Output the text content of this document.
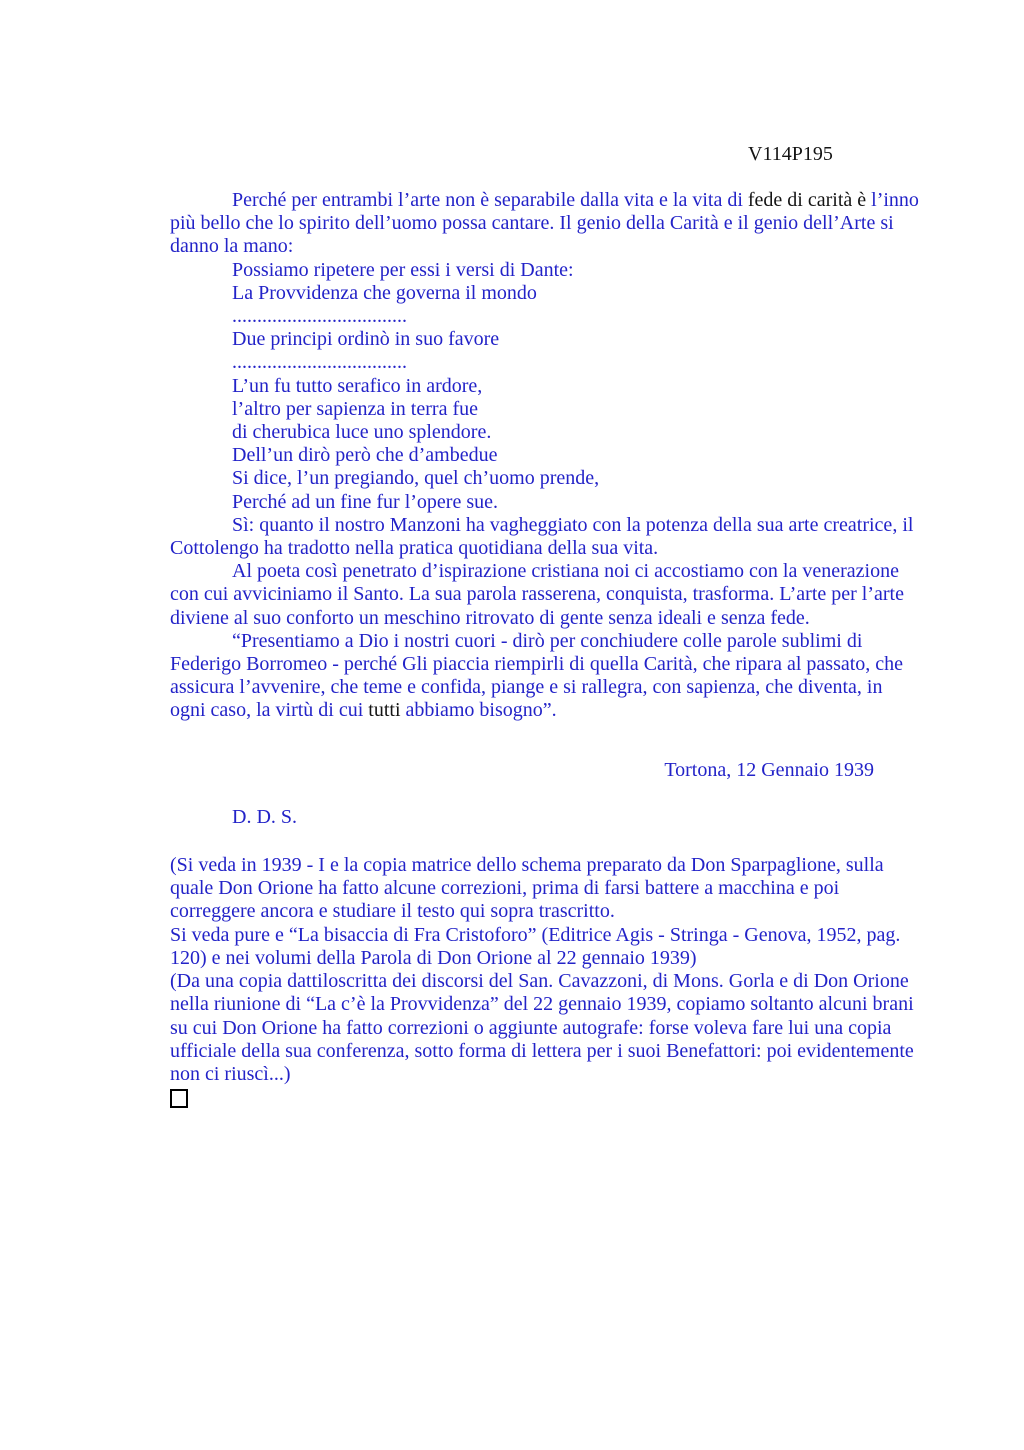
V114P195

Perché per entrambi l’arte non è separabile dalla vita e la vita di fede di carità è l’inno più bello che lo spirito dell’uomo possa cantare. Il genio della Carità e il genio dell’Arte si danno la mano:

Possiamo ripetere per essi i versi di Dante:

La Provvidenza che governa il mondo
...................................
Due principi ordinò in suo favore
...................................
L’un fu tutto serafico in ardore,
l’altro per sapienza in terra fue
di cherubica luce uno splendore.
Dell’un dirò però che d’ambedue
Si dice, l’un pregiando, quel ch’uomo prende,
Perché ad un fine fur l’opere sue.

Sì: quanto il nostro Manzoni ha vagheggiato con la potenza della sua arte creatrice, il Cottolengo ha tradotto nella pratica quotidiana della sua vita.

Al poeta così penetrato d’ispirazione cristiana noi ci accostiamo con la venerazione con cui avviciniamo il Santo. La sua parola rasserena, conquista, trasforma. L’arte per l’arte diviene al suo conforto un meschino ritrovato di gente senza ideali e senza fede.

“Presentiamo a Dio i nostri cuori - dirò per conchiudere colle parole sublimi di Federigo Borromeo - perché Gli piaccia riempirli di quella Carità, che ripara al passato, che assicura l’avvenire, che teme e confida, piange e si rallegra, con sapienza, che diventa, in ogni caso, la virtù di cui tutti abbiamo bisogno”.

Tortona, 12 Gennaio 1939
D. D. S.

(Si veda in 1939 - I e la copia matrice dello schema preparato da Don Sparpaglione, sulla quale Don Orione ha fatto alcune correzioni, prima di farsi battere a macchina e poi correggere ancora e studiare il testo qui sopra trascritto.

Si veda pure e “La bisaccia di Fra Cristoforo” (Editrice Agis - Stringa - Genova, 1952, pag. 120) e nei volumi della Parola di Don Orione al 22 gennaio 1939)

(Da una copia dattiloscritta dei discorsi del San. Cavazzoni, di Mons. Gorla e di Don Orione nella riunione di “La c’è la Provvidenza” del 22 gennaio 1939, copiamo soltanto alcuni brani su cui Don Orione ha fatto correzioni o aggiunte autografe: forse voleva fare lui una copia ufficiale della sua conferenza, sotto forma di lettera per i suoi Benefattori: poi evidentemente non ci riuscì...)
